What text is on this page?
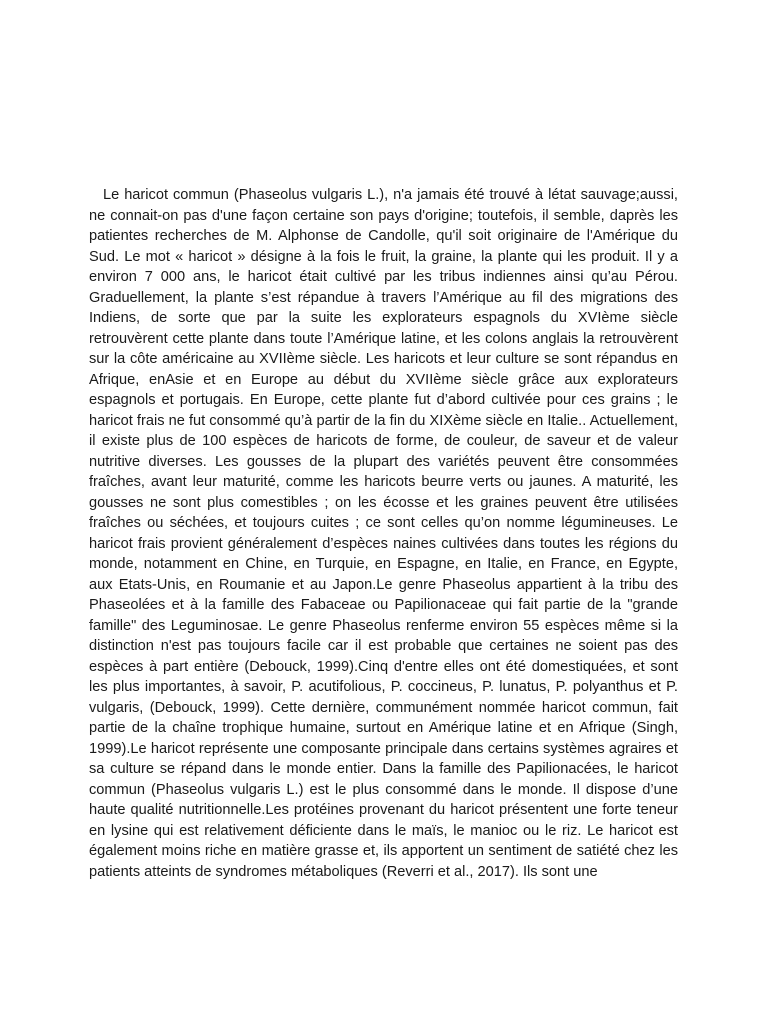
Le haricot commun (Phaseolus vulgaris L.), n'a jamais été trouvé à létat sauvage;aussi, ne connait-on pas d'une façon certaine son pays d'origine; toutefois, il semble, daprès les patientes recherches de M. Alphonse de Candolle, qu'il soit originaire de l'Amérique du Sud. Le mot « haricot » désigne à la fois le fruit, la graine, la plante qui les produit. Il y a environ 7 000 ans, le haricot était cultivé par les tribus indiennes ainsi qu’au Pérou. Graduellement, la plante s’est répandue à travers l’Amérique au fil des migrations des Indiens, de sorte que par la suite les explorateurs espagnols du XVIème siècle retrouvèrent cette plante dans toute l’Amérique latine, et les colons anglais la retrouvèrent sur la côte américaine au XVIIème siècle. Les haricots et leur culture se sont répandus en Afrique, enAsie et en Europe au début du XVIIème siècle grâce aux explorateurs espagnols et portugais. En Europe, cette plante fut d’abord cultivée pour ces grains ; le haricot frais ne fut consommé qu’à partir de la fin du XIXème siècle en Italie.. Actuellement, il existe plus de 100 espèces de haricots de forme, de couleur, de saveur et de valeur nutritive diverses. Les gousses de la plupart des variétés peuvent être consommées fraîches, avant leur maturité, comme les haricots beurre verts ou jaunes. A maturité, les gousses ne sont plus comestibles ; on les écosse et les graines peuvent être utilisées fraîches ou séchées, et toujours cuites ; ce sont celles qu’on nomme légumineuses. Le haricot frais provient généralement d’espèces naines cultivées dans toutes les régions du monde, notamment en Chine, en Turquie, en Espagne, en Italie, en France, en Egypte, aux Etats-Unis, en Roumanie et au Japon.Le genre Phaseolus appartient à la tribu des Phaseolées et à la famille des Fabaceae ou Papilionaceae qui fait partie de la "grande famille" des Leguminosae. Le genre Phaseolus renferme environ 55 espèces même si la distinction n'est pas toujours facile car il est probable que certaines ne soient pas des espèces à part entière (Debouck, 1999).Cinq d'entre elles ont été domestiquées, et sont les plus importantes, à savoir, P. acutifolious, P. coccineus, P. lunatus, P. polyanthus et P. vulgaris, (Debouck, 1999). Cette dernière, communément nommée haricot commun, fait partie de la chaîne trophique humaine, surtout en Amérique latine et en Afrique (Singh, 1999).Le haricot représente une composante principale dans certains systèmes agraires et sa culture se répand dans le monde entier. Dans la famille des Papilionacées, le haricot commun (Phaseolus vulgaris L.) est le plus consommé dans le monde. Il dispose d’une haute qualité nutritionnelle.Les protéines provenant du haricot présentent une forte teneur en lysine qui est relativement déficiente dans le maïs, le manioc ou le riz. Le haricot est également moins riche en matière grasse et, ils apportent un sentiment de satiété chez les patients atteints de syndromes métaboliques (Reverri et al., 2017). Ils sont une
